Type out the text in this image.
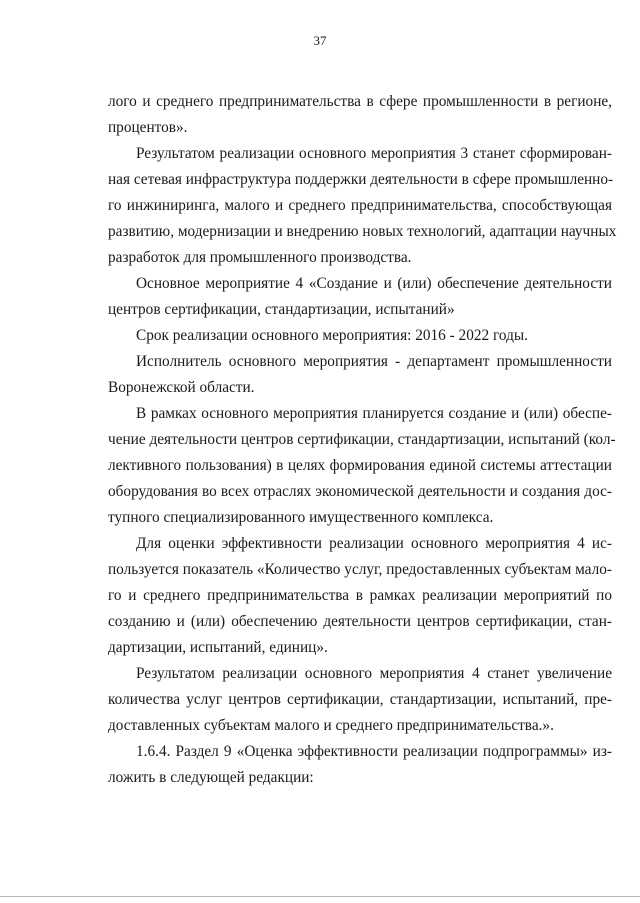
37
лого и среднего предпринимательства в сфере промышленности в регионе,
процентов».
Результатом реализации основного мероприятия 3 станет сформирован-
ная сетевая инфраструктура поддержки деятельности в сфере промышленно-
го инжиниринга, малого и среднего предпринимательства, способствующая
развитию, модернизации и внедрению новых технологий, адаптации научных
разработок для промышленного производства.
Основное мероприятие 4 «Создание и (или) обеспечение деятельности
центров сертификации, стандартизации, испытаний»
Срок реализации основного мероприятия: 2016 - 2022 годы.
Исполнитель основного мероприятия - департамент промышленности
Воронежской области.
В рамках основного мероприятия планируется создание и (или) обеспе-
чение деятельности центров сертификации, стандартизации, испытаний (кол-
лективного пользования) в целях формирования единой системы аттестации
оборудования во всех отраслях экономической деятельности и создания дос-
тупного специализированного имущественного комплекса.
Для оценки эффективности реализации основного мероприятия 4 ис-
пользуется показатель «Количество услуг, предоставленных субъектам мало-
го и среднего предпринимательства в рамках реализации мероприятий по
созданию и (или) обеспечению деятельности центров сертификации, стан-
дартизации, испытаний, единиц».
Результатом реализации основного мероприятия 4 станет увеличение
количества услуг центров сертификации, стандартизации, испытаний, пре-
доставленных субъектам малого и среднего предпринимательства.».
1.6.4. Раздел 9 «Оценка эффективности реализации подпрограммы» из-
ложить в следующей редакции:
